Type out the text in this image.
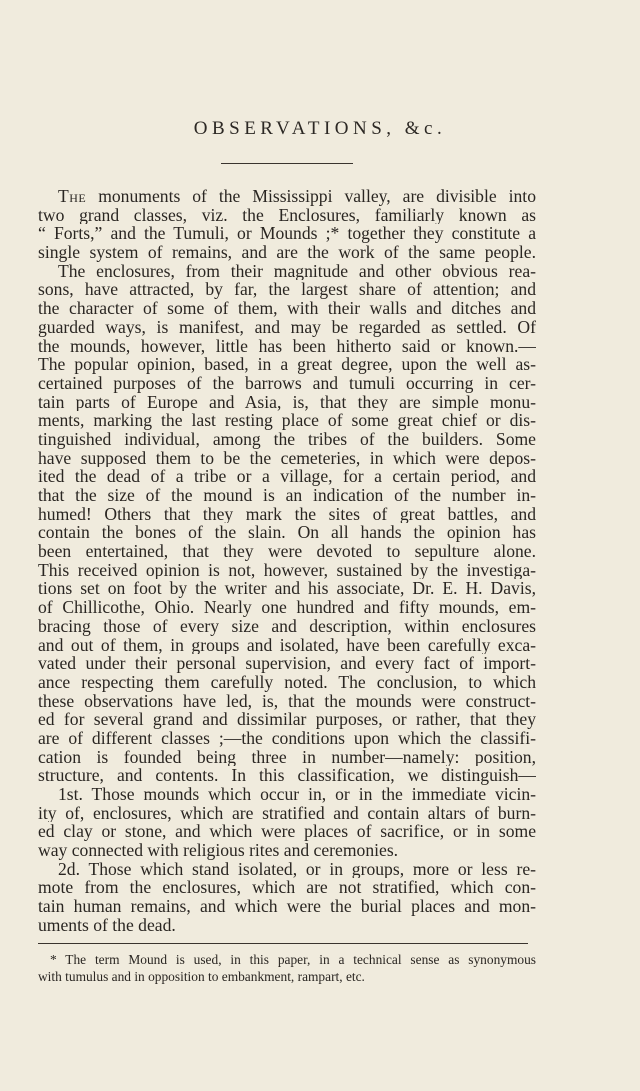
OBSERVATIONS, &c.
The monuments of the Mississippi valley, are divisible into
two grand classes, viz. the Enclosures, familiarly known as
“ Forts,” and the Tumuli, or Mounds ;* together they constitute a
single system of remains, and are the work of the same people.
The enclosures, from their magnitude and other obvious rea-
sons, have attracted, by far, the largest share of attention; and
the character of some of them, with their walls and ditches and
guarded ways, is manifest, and may be regarded as settled. Of
the mounds, however, little has been hitherto said or known.—
The popular opinion, based, in a great degree, upon the well as-
certained purposes of the barrows and tumuli occurring in cer-
tain parts of Europe and Asia, is, that they are simple monu-
ments, marking the last resting place of some great chief or dis-
tinguished individual, among the tribes of the builders. Some
have supposed them to be the cemeteries, in which were depos-
ited the dead of a tribe or a village, for a certain period, and
that the size of the mound is an indication of the number in-
humed! Others that they mark the sites of great battles, and
contain the bones of the slain. On all hands the opinion has
been entertained, that they were devoted to sepulture alone.
This received opinion is not, however, sustained by the investiga-
tions set on foot by the writer and his associate, Dr. E. H. Davis,
of Chillicothe, Ohio. Nearly one hundred and fifty mounds, em-
bracing those of every size and description, within enclosures
and out of them, in groups and isolated, have been carefully exca-
vated under their personal supervision, and every fact of import-
ance respecting them carefully noted. The conclusion, to which
these observations have led, is, that the mounds were construct-
ed for several grand and dissimilar purposes, or rather, that they
are of different classes ;—the conditions upon which the classifi-
cation is founded being three in number—namely: position,
structure, and contents. In this classification, we distinguish—
1st. Those mounds which occur in, or in the immediate vicin-
ity of, enclosures, which are stratified and contain altars of burn-
ed clay or stone, and which were places of sacrifice, or in some
way connected with religious rites and ceremonies.
2d. Those which stand isolated, or in groups, more or less re-
mote from the enclosures, which are not stratified, which con-
tain human remains, and which were the burial places and mon-
uments of the dead.
* The term Mound is used, in this paper, in a technical sense as synonymous
with tumulus and in opposition to embankment, rampart, etc.
